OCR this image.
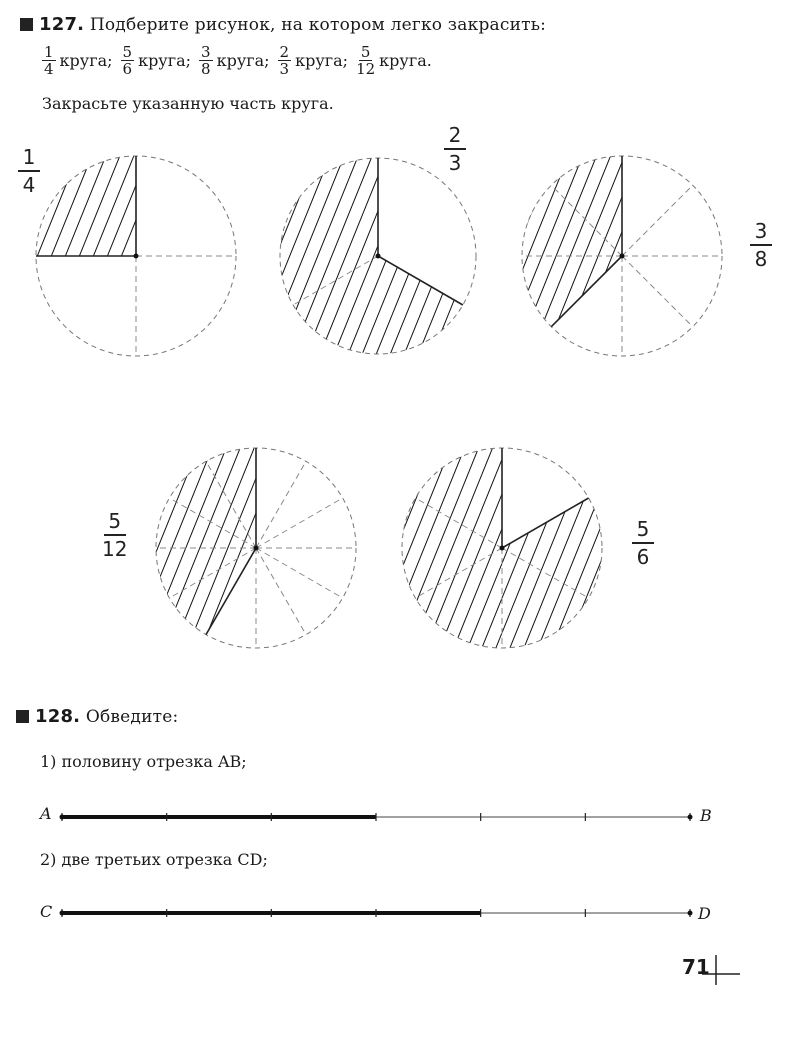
127. Подберите рисунок, на котором легко закрасить:
$\frac{1}{4}$ круга; $\frac{5}{6}$ круга; $\frac{3}{8}$ круга; $\frac{2}{3}$ круга; $\frac{5}{12}$ круга.
Закрасьте указанную часть круга.
1
4
2
3
3
8
5
12
5
6
128. Обведите:
1) половину отрезка AB;
2) две третьих отрезка CD;
A	B
C	D
71
